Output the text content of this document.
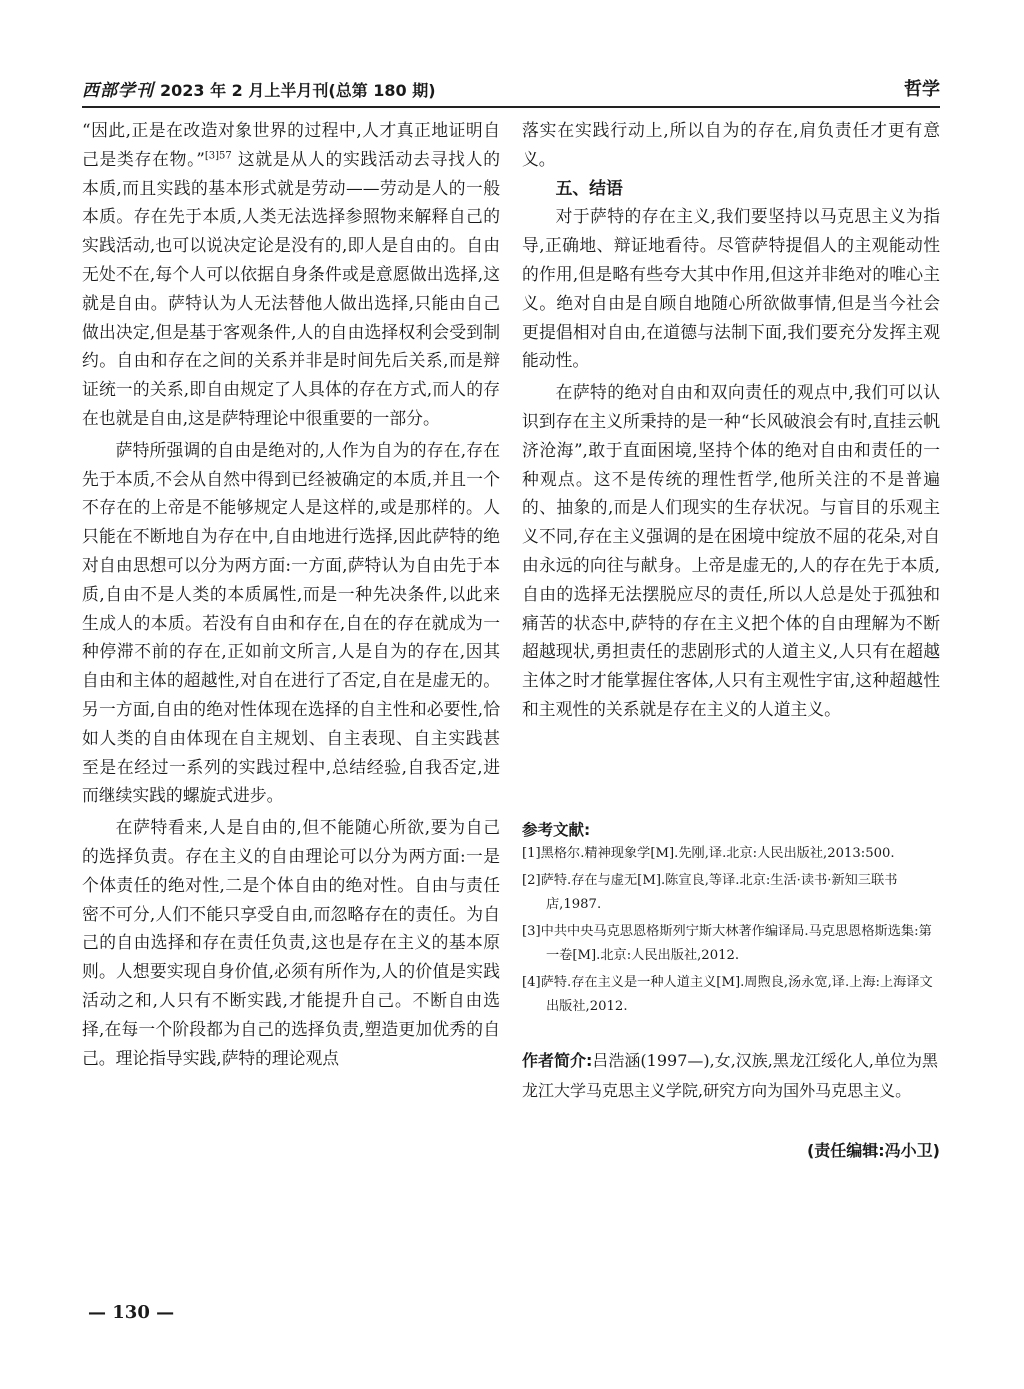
西部学刊 2023 年 2 月上半月刊(总第 180 期)	哲学

“因此,正是在改造对象世界的过程中,人才真正地证明自己是类存在物。”$^{[3]57}$ 这就是从人的实践活动去寻找人的本质,而且实践的基本形式就是劳动——劳动是人的一般本质。存在先于本质,人类无法选择参照物来解释自己的实践活动,也可以说决定论是没有的,即人是自由的。自由无处不在,每个人可以依据自身条件或是意愿做出选择,这就是自由。萨特认为人无法替他人做出选择,只能由自己做出决定,但是基于客观条件,人的自由选择权利会受到制约。自由和存在之间的关系并非是时间先后关系,而是辩证统一的关系,即自由规定了人具体的存在方式,而人的存在也就是自由,这是萨特理论中很重要的一部分。

萨特所强调的自由是绝对的,人作为自为的存在,存在先于本质,不会从自然中得到已经被确定的本质,并且一个不存在的上帝是不能够规定人是这样的,或是那样的。人只能在不断地自为存在中,自由地进行选择,因此萨特的绝对自由思想可以分为两方面:一方面,萨特认为自由先于本质,自由不是人类的本质属性,而是一种先决条件,以此来生成人的本质。若没有自由和存在,自在的存在就成为一种停滞不前的存在,正如前文所言,人是自为的存在,因其自由和主体的超越性,对自在进行了否定,自在是虚无的。另一方面,自由的绝对性体现在选择的自主性和必要性,恰如人类的自由体现在自主规划、自主表现、自主实践甚至是在经过一系列的实践过程中,总结经验,自我否定,进而继续实践的螺旋式进步。

在萨特看来,人是自由的,但不能随心所欲,要为自己的选择负责。存在主义的自由理论可以分为两方面:一是个体责任的绝对性,二是个体自由的绝对性。自由与责任密不可分,人们不能只享受自由,而忽略存在的责任。为自己的自由选择和存在责任负责,这也是存在主义的基本原则。人想要实现自身价值,必须有所作为,人的价值是实践活动之和,人只有不断实践,才能提升自己。不断自由选择,在每一个阶段都为自己的选择负责,塑造更加优秀的自己。理论指导实践,萨特的理论观点

落实在实践行动上,所以自为的存在,肩负责任才更有意义。

五、结语

对于萨特的存在主义,我们要坚持以马克思主义为指导,正确地、辩证地看待。尽管萨特提倡人的主观能动性的作用,但是略有些夸大其中作用,但这并非绝对的唯心主义。绝对自由是自顾自地随心所欲做事情,但是当今社会更提倡相对自由,在道德与法制下面,我们要充分发挥主观能动性。

在萨特的绝对自由和双向责任的观点中,我们可以认识到存在主义所秉持的是一种“长风破浪会有时,直挂云帆济沧海”,敢于直面困境,坚持个体的绝对自由和责任的一种观点。这不是传统的理性哲学,他所关注的不是普遍的、抽象的,而是人们现实的生存状况。与盲目的乐观主义不同,存在主义强调的是在困境中绽放不屈的花朵,对自由永远的向往与献身。上帝是虚无的,人的存在先于本质,自由的选择无法摆脱应尽的责任,所以人总是处于孤独和痛苦的状态中,萨特的存在主义把个体的自由理解为不断超越现状,勇担责任的悲剧形式的人道主义,人只有在超越主体之时才能掌握住客体,人只有主观性宇宙,这种超越性和主观性的关系就是存在主义的人道主义。

参考文献:
[1]黑格尔.精神现象学[M].先刚,译.北京:人民出版社,2013:500.
[2]萨特.存在与虚无[M].陈宣良,等译.北京:生活·读书·新知三联书店,1987.
[3]中共中央马克思恩格斯列宁斯大林著作编译局.马克思恩格斯选集:第一卷[M].北京:人民出版社,2012.
[4]萨特.存在主义是一种人道主义[M].周煦良,汤永宽,译.上海:上海译文出版社,2012.
作者简介:吕浩涵(1997—),女,汉族,黑龙江绥化人,单位为黑龙江大学马克思主义学院,研究方向为国外马克思主义。
(责任编辑:冯小卫)
— 130 —
